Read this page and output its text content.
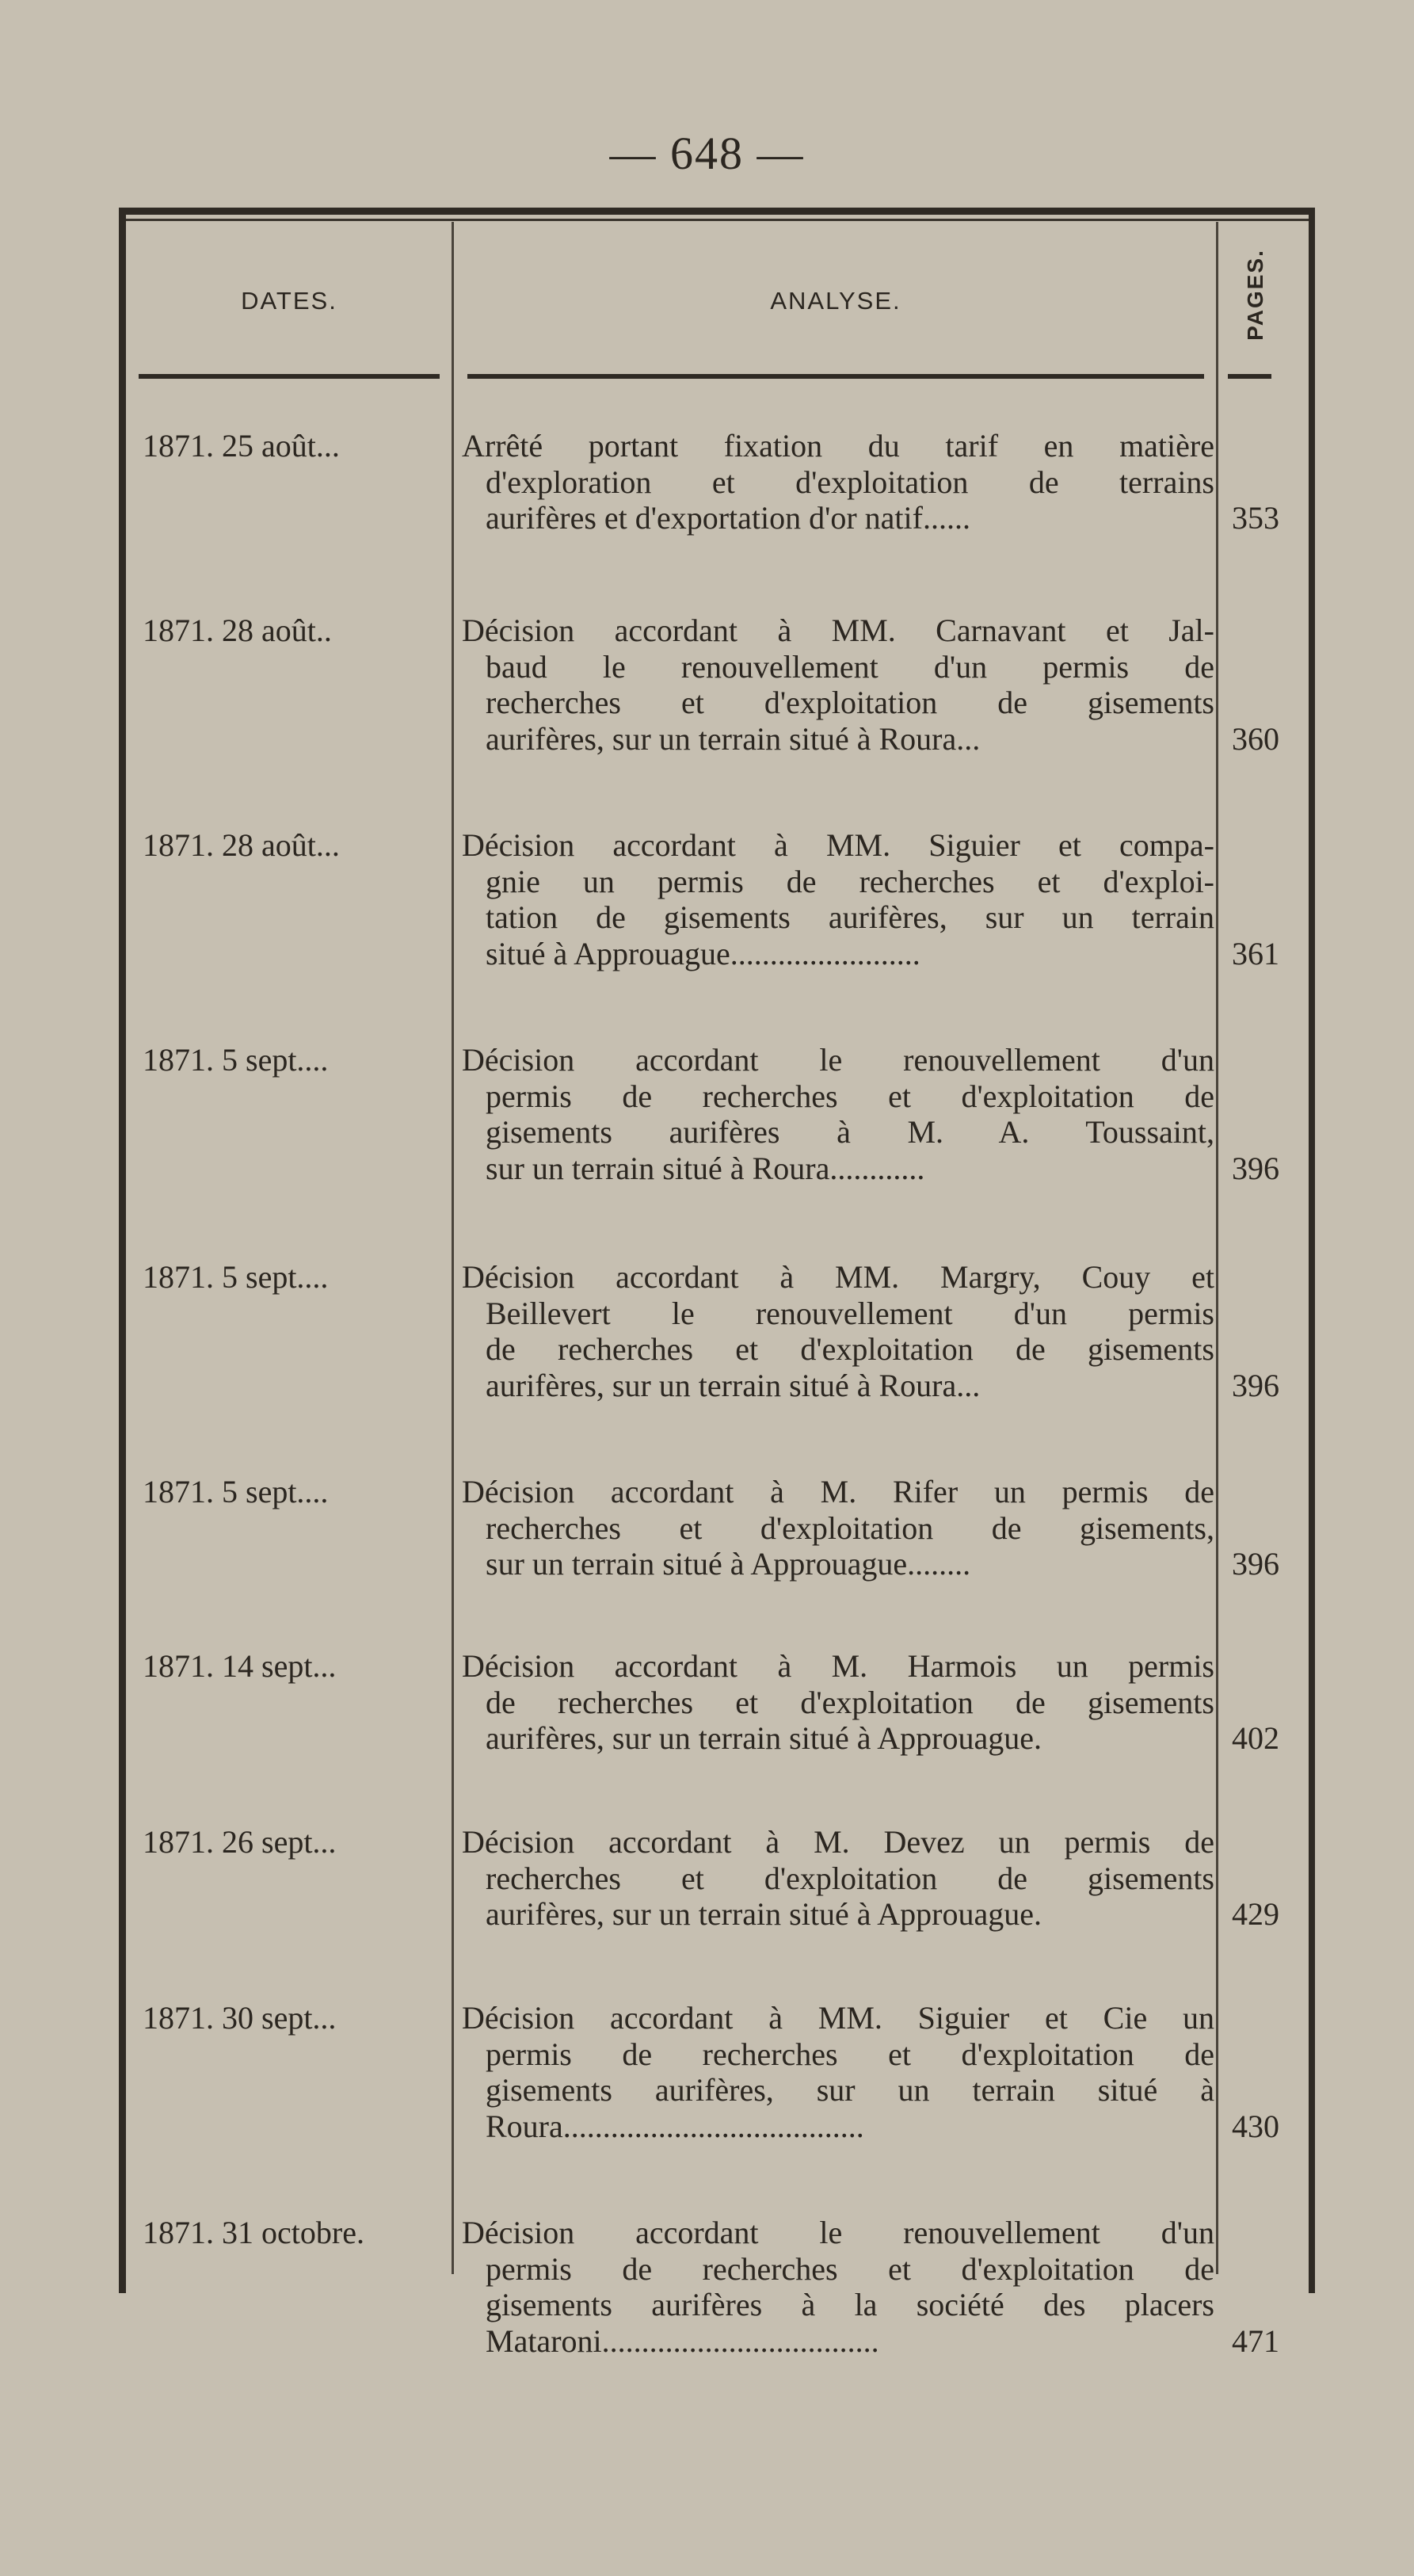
— 648 —
DATES.	ANALYSE.	PAGES.
1871. 25 août...	Arrêté portant fixation du tarif en matière
d'exploration et d'exploitation de terrains
aurifères et d'exportation d'or natif......	353
1871. 28 août..	Décision accordant à MM. Carnavant et Jal-
baud le renouvellement d'un permis de
recherches et d'exploitation de gisements
aurifères, sur un terrain situé à Roura...	360
1871. 28 août...	Décision accordant à MM. Siguier et compa-
gnie un permis de recherches et d'exploi-
tation de gisements aurifères, sur un terrain
situé à Approuague........................	361
1871. 5 sept....	Décision accordant le renouvellement d'un
permis de recherches et d'exploitation de
gisements aurifères à M. A. Toussaint,
sur un terrain situé à Roura............	396
1871. 5 sept....	Décision accordant à MM. Margry, Couy et
Beillevert le renouvellement d'un permis
de recherches et d'exploitation de gisements
aurifères, sur un terrain situé à Roura...	396
1871. 5 sept....	Décision accordant à M. Rifer un permis de
recherches et d'exploitation de gisements,
sur un terrain situé à Approuague........	396
1871. 14 sept...	Décision accordant à M. Harmois un permis
de recherches et d'exploitation de gisements
aurifères, sur un terrain situé à Approuague.	402
1871. 26 sept...	Décision accordant à M. Devez un permis de
recherches et d'exploitation de gisements
aurifères, sur un terrain situé à Approuague.	429
1871. 30 sept...	Décision accordant à MM. Siguier et Cie un
permis de recherches et d'exploitation de
gisements aurifères, sur un terrain situé à
Roura......................................	430
1871. 31 octobre.	Décision accordant le renouvellement d'un
permis de recherches et d'exploitation de
gisements aurifères à la société des placers
Mataroni...................................	471
